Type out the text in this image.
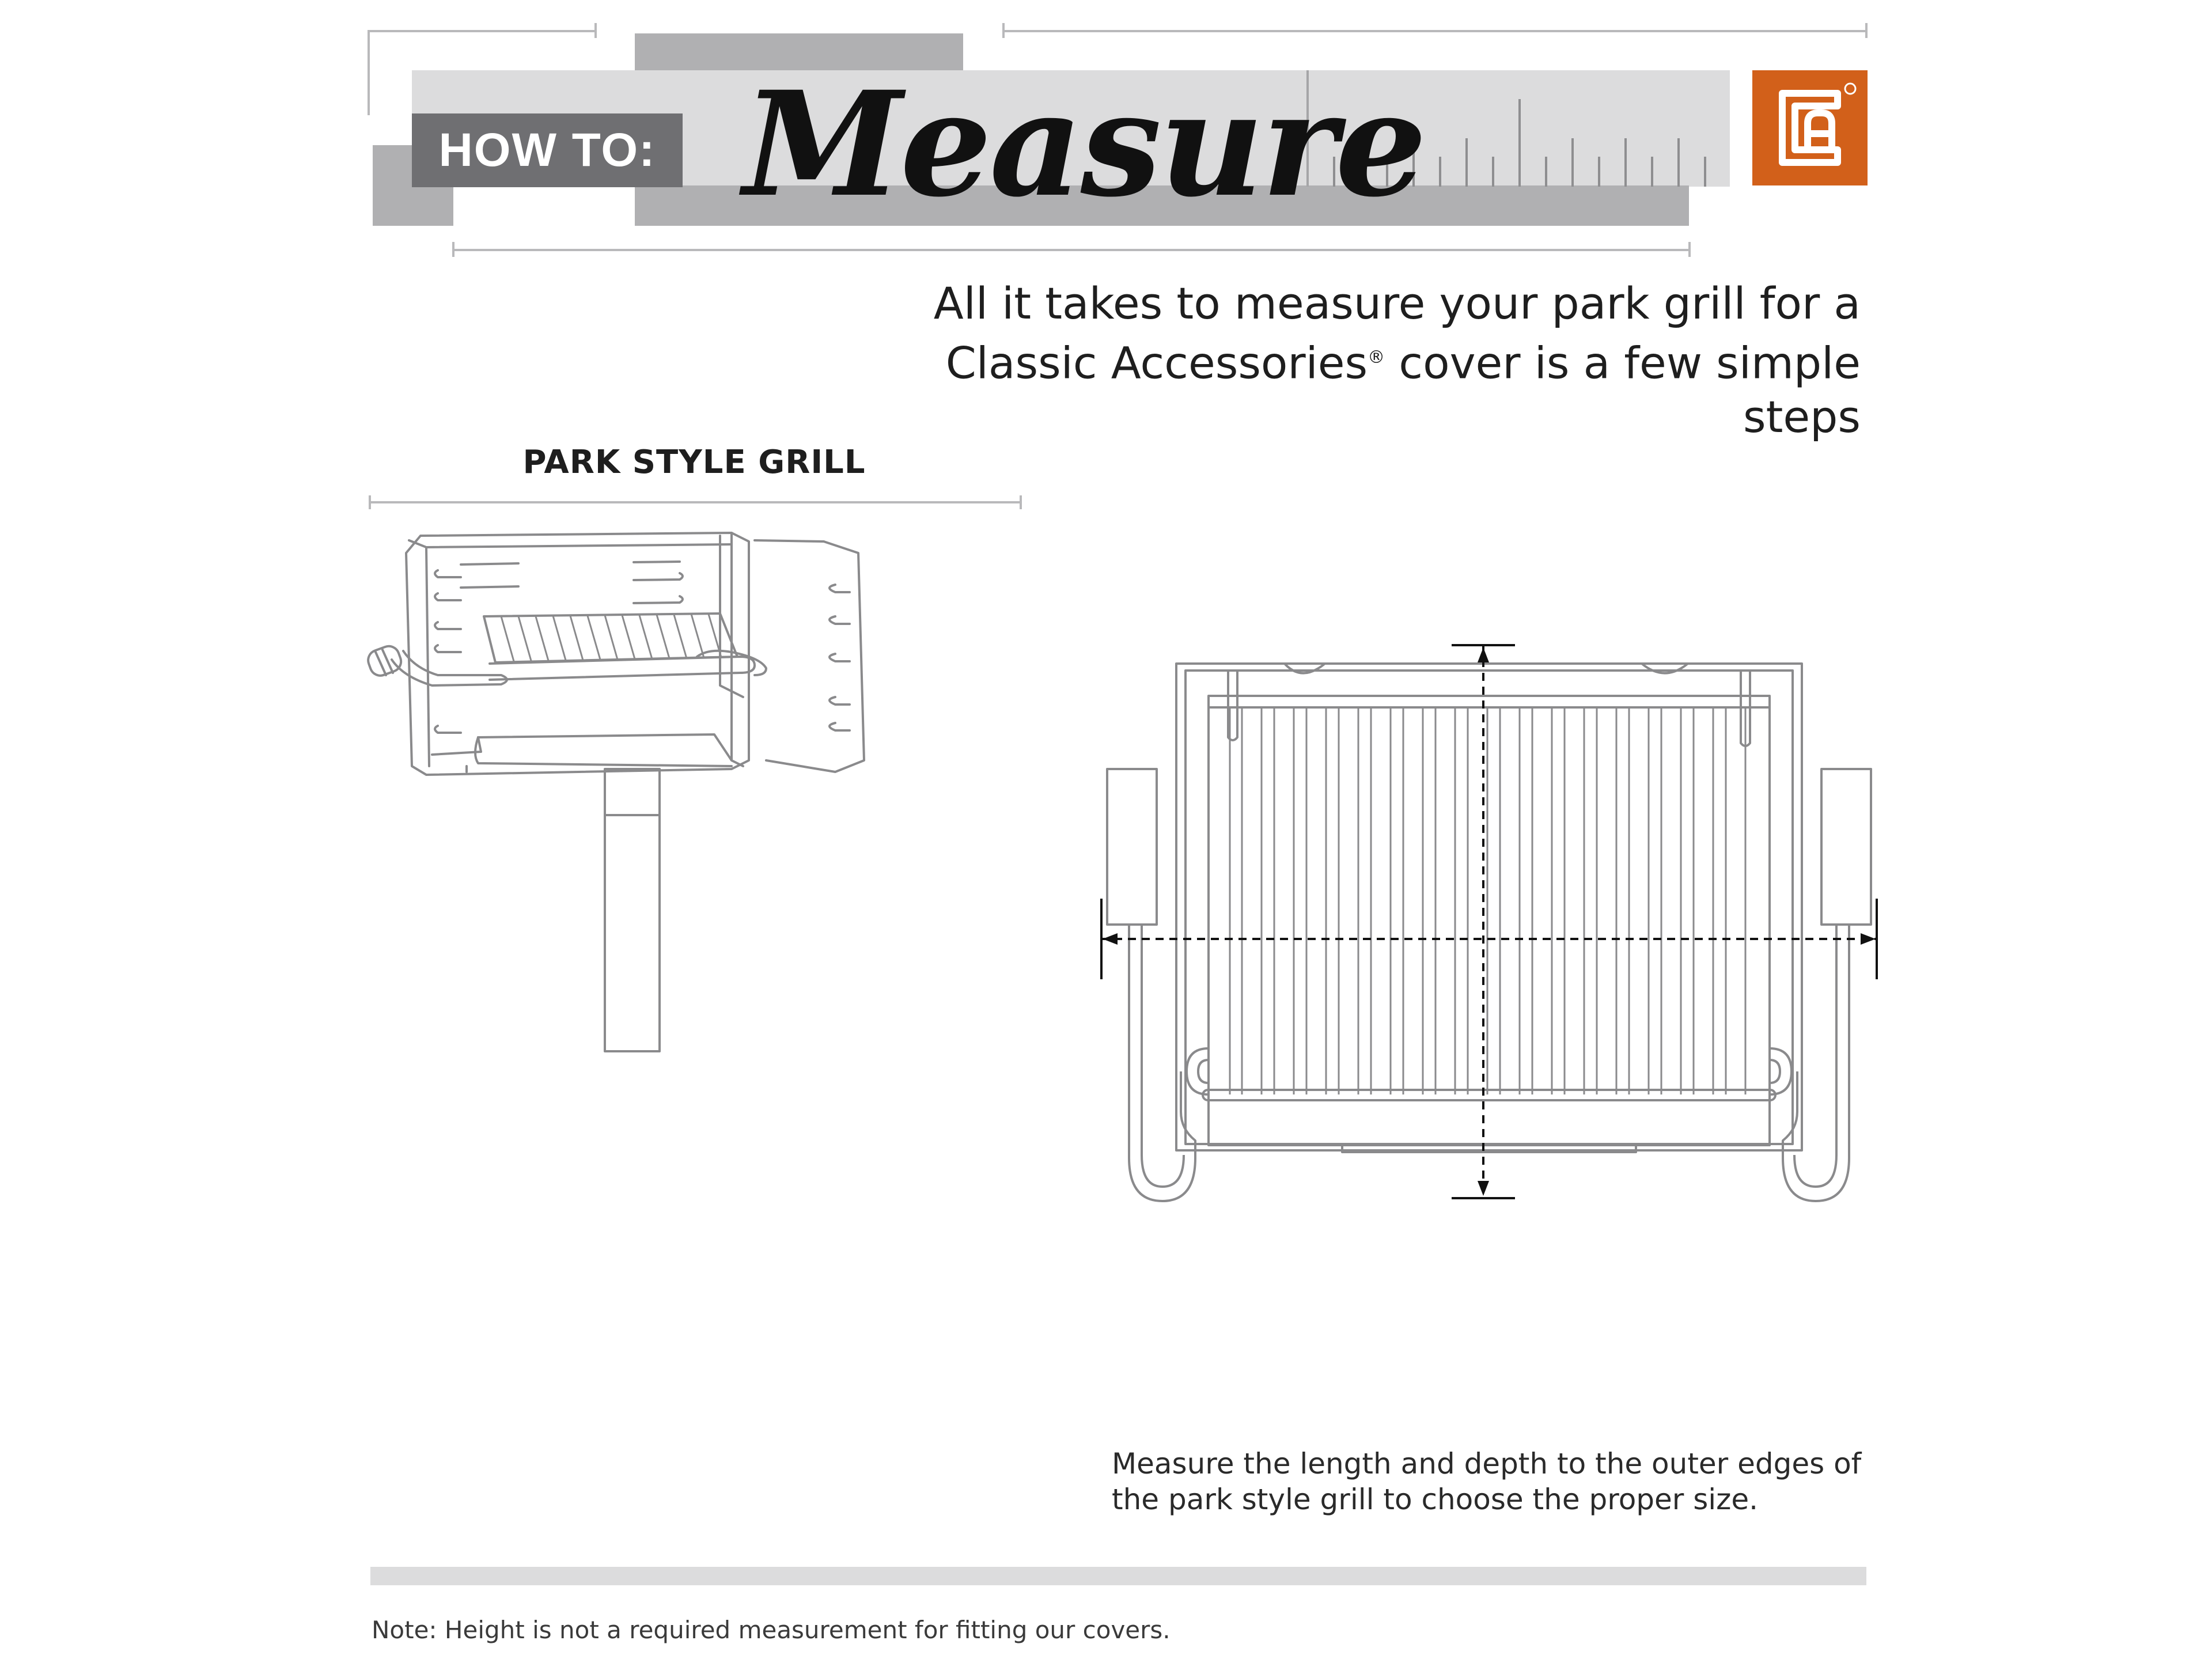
HOW TO: Measure
All it takes to measure your park grill for a
Classic Accessories® cover is a few simple steps
PARK STYLE GRILL
Measure the length and depth to the outer edges of the park style grill to choose the proper size.
Note: Height is not a required measurement for fitting our covers.
